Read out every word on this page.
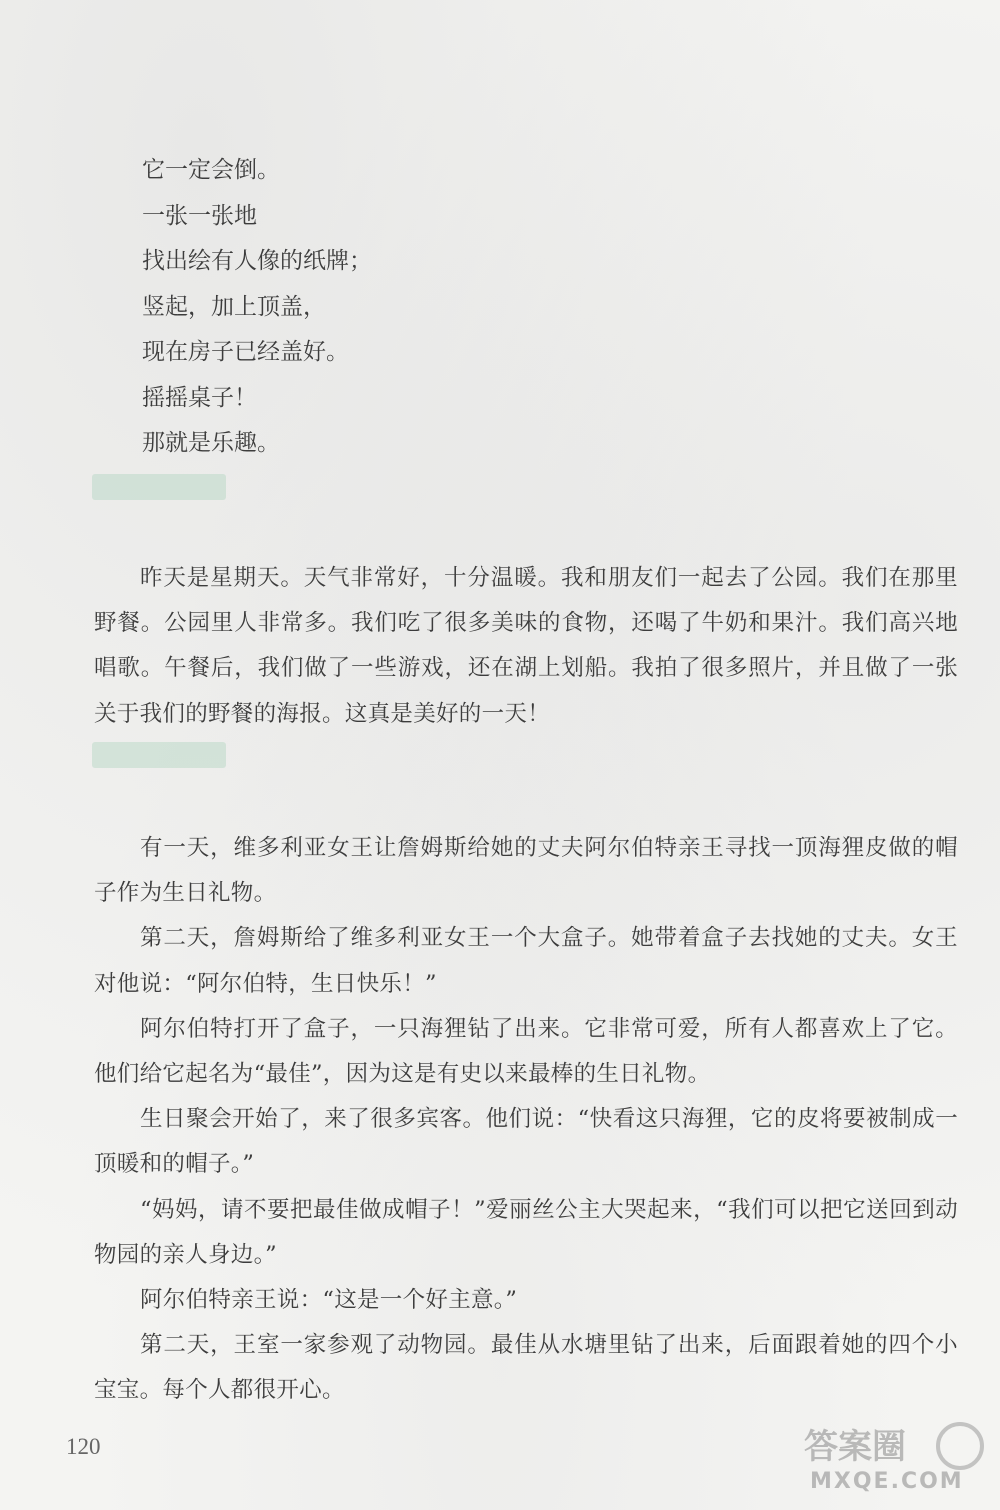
它一定会倒。
一张一张地
找出绘有人像的纸牌；
竖起，加上顶盖，
现在房子已经盖好。
摇摇桌子！
那就是乐趣。

昨天是星期天。天气非常好，十分温暖。我和朋友们一起去了公园。我们在那里野餐。公园里人非常多。我们吃了很多美味的食物，还喝了牛奶和果汁。我们高兴地唱歌。午餐后，我们做了一些游戏，还在湖上划船。我拍了很多照片，并且做了一张关于我们的野餐的海报。这真是美好的一天！

有一天，维多利亚女王让詹姆斯给她的丈夫阿尔伯特亲王寻找一顶海狸皮做的帽子作为生日礼物。

第二天，詹姆斯给了维多利亚女王一个大盒子。她带着盒子去找她的丈夫。女王对他说：“阿尔伯特，生日快乐！”

阿尔伯特打开了盒子，一只海狸钻了出来。它非常可爱，所有人都喜欢上了它。他们给它起名为“最佳”，因为这是有史以来最棒的生日礼物。

生日聚会开始了，来了很多宾客。他们说：“快看这只海狸，它的皮将要被制成一顶暖和的帽子。”

“妈妈，请不要把最佳做成帽子！”爱丽丝公主大哭起来，“我们可以把它送回到动物园的亲人身边。”

阿尔伯特亲王说：“这是一个好主意。”

第二天，王室一家参观了动物园。最佳从水塘里钻了出来，后面跟着她的四个小宝宝。每个人都很开心。

120	答案圈
MXQE.COM
